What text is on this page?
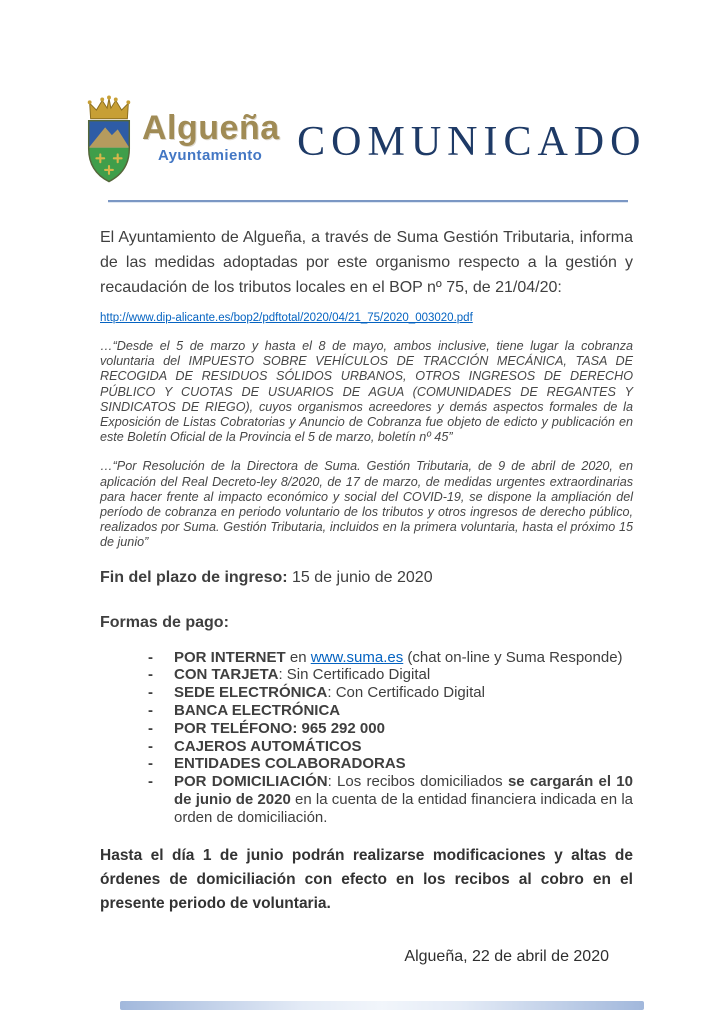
Algueña
Ayuntamiento COMUNICADO

El Ayuntamiento de Algueña, a través de Suma Gestión Tributaria, informa de las medidas adoptadas por este organismo respecto a la gestión y recaudación de los tributos locales en el BOP nº 75, de 21/04/20:

http://www.dip-alicante.es/bop2/pdftotal/2020/04/21_75/2020_003020.pdf

…“Desde el 5 de marzo y hasta el 8 de mayo, ambos inclusive, tiene lugar la cobranza voluntaria del IMPUESTO SOBRE VEHÍCULOS DE TRACCIÓN MECÁNICA, TASA DE RECOGIDA DE RESIDUOS SÓLIDOS URBANOS, OTROS INGRESOS DE DERECHO PÚBLICO Y CUOTAS DE USUARIOS DE AGUA (COMUNIDADES DE REGANTES Y SINDICATOS DE RIEGO), cuyos organismos acreedores y demás aspectos formales de la Exposición de Listas Cobratorias y Anuncio de Cobranza fue objeto de edicto y publicación en este Boletín Oficial de la Provincia el 5 de marzo, boletín nº 45”

…“Por Resolución de la Directora de Suma. Gestión Tributaria, de 9 de abril de 2020, en aplicación del Real Decreto-ley 8/2020, de 17 de marzo, de medidas urgentes extraordinarias para hacer frente al impacto económico y social del COVID-19, se dispone la ampliación del período de cobranza en periodo voluntario de los tributos y otros ingresos de derecho público, realizados por Suma. Gestión Tributaria, incluidos en la primera voluntaria, hasta el próximo 15 de junio”

Fin del plazo de ingreso: 15 de junio de 2020

Formas de pago:

-	POR INTERNET en www.suma.es (chat on-line y Suma Responde)
-	CON TARJETA: Sin Certificado Digital
-	SEDE ELECTRÓNICA: Con Certificado Digital
-	BANCA ELECTRÓNICA
-	POR TELÉFONO: 965 292 000
-	CAJEROS AUTOMÁTICOS
-	ENTIDADES COLABORADORAS
-	POR DOMICILIACIÓN: Los recibos domiciliados se cargarán el 10 de junio de 2020 en la cuenta de la entidad financiera indicada en la orden de domiciliación.

Hasta el día 1 de junio podrán realizarse modificaciones y altas de órdenes de domiciliación con efecto en los recibos al cobro en el presente periodo de voluntaria.

Algueña, 22 de abril de 2020
